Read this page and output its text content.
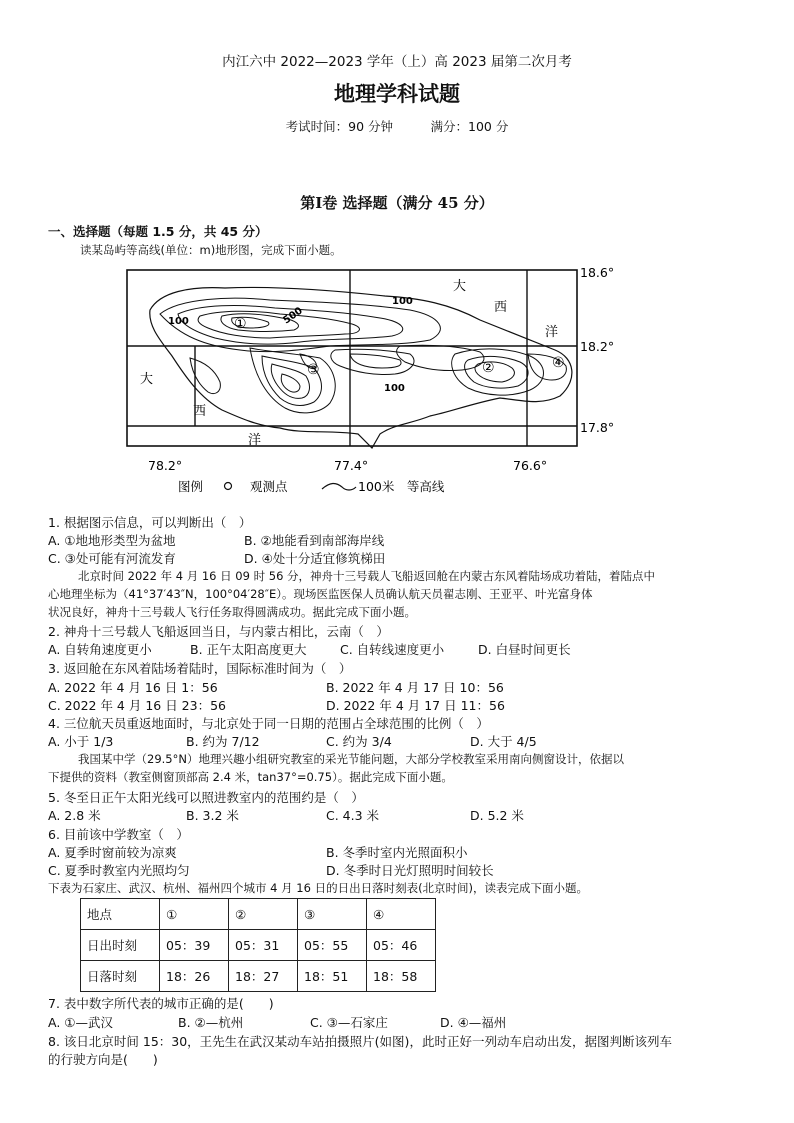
内江六中 2022—2023 学年（上）高 2023 届第二次月考
地理学科试题
考试时间：90 分钟　　　满分：100 分
第Ⅰ卷 选择题（满分 45 分）
一、选择题（每题 1.5 分，共 45 分）
读某岛屿等高线(单位：m)地形图，完成下面小题。
100
500
100
100
①
②
③	④
大
西
洋
大
西
洋
18.6°
18.2°
17.8°
78.2°	77.4°	76.6°
图例	观测点	100米　等高线
1. 根据图示信息，可以判断出（　）
A. ①地地形类型为盆地	B. ②地能看到南部海岸线
C. ③处可能有河流发育	D. ④处十分适宜修筑梯田
北京时间 2022 年 4 月 16 日 09 时 56 分，神舟十三号载人飞船返回舱在内蒙古东风着陆场成功着陆，着陆点中
心地理坐标为（41°37′43″N，100°04′28″E）。现场医监医保人员确认航天员翟志刚、王亚平、叶光富身体
状况良好，神舟十三号载人飞行任务取得圆满成功。据此完成下面小题。
2. 神舟十三号载人飞船返回当日，与内蒙古相比，云南（　）
A. 自转角速度更小	B. 正午太阳高度更大	C. 自转线速度更小	D. 白昼时间更长
3. 返回舱在东风着陆场着陆时，国际标准时间为（　）
A. 2022 年 4 月 16 日 1：56	B. 2022 年 4 月 17 日 10：56
C. 2022 年 4 月 16 日 23：56	D. 2022 年 4 月 17 日 11：56
4. 三位航天员重返地面时，与北京处于同一日期的范围占全球范围的比例（　）
A. 小于 1/3	B. 约为 7/12	C. 约为 3/4	D. 大于 4/5
我国某中学（29.5°N）地理兴趣小组研究教室的采光节能问题，大部分学校教室采用南向侧窗设计，依据以
下提供的资料（教室侧窗顶部高 2.4 米，tan37°=0.75）。据此完成下面小题。
5. 冬至日正午太阳光线可以照进教室内的范围约是（　）
A. 2.8 米	B. 3.2 米	C. 4.3 米	D. 5.2 米
6. 目前该中学教室（　）
A. 夏季时窗前较为凉爽	B. 冬季时室内光照面积小
C. 夏季时教室内光照均匀	D. 冬季时日光灯照明时间较长
下表为石家庄、武汉、杭州、福州四个城市 4 月 16 日的日出日落时刻表(北京时间)，读表完成下面小题。
地点	①	②	③	④
日出时刻	05：39	05：31	05：55	05：46
日落时刻	18：26	18：27	18：51	18：58
7. 表中数字所代表的城市正确的是(　　)
A. ①—武汉	B. ②—杭州	C. ③—石家庄	D. ④—福州
8. 该日北京时间 15：30，王先生在武汉某动车站拍摄照片(如图)，此时正好一列动车启动出发，据图判断该列车
的行驶方向是(　　)
